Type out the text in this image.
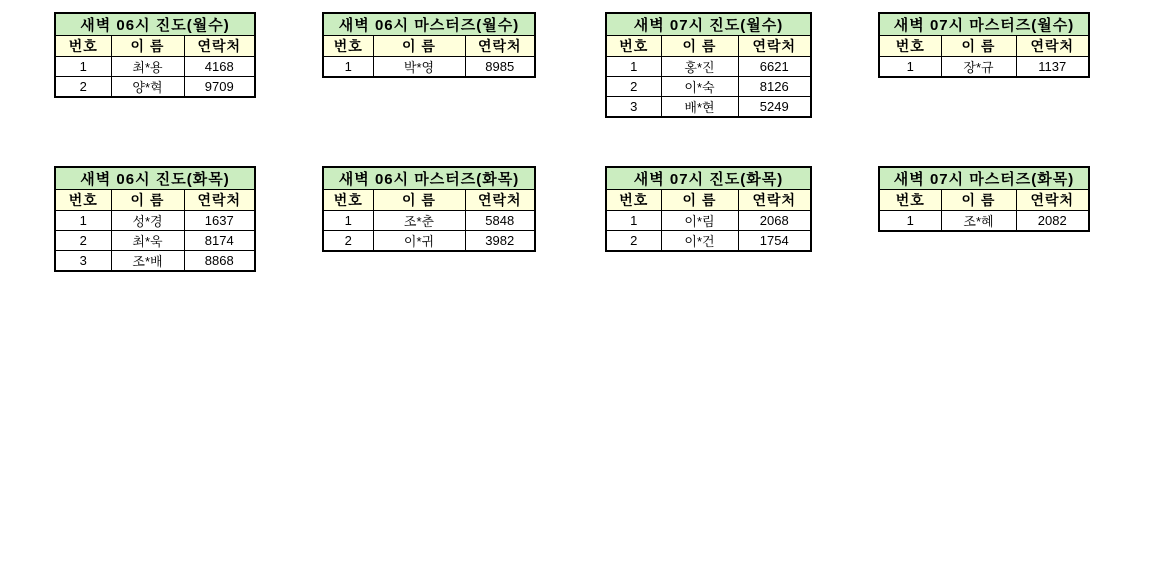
새벽 06시 진도(월수)		
번호	이 름	연락처
1	최*용	4168
2	양*혁	9709
새벽 06시 마스터즈(월수)		
번호	이 름	연락처
1	박*영	8985
새벽 07시 진도(월수)		
번호	이 름	연락처
1	홍*진	6621
2	이*숙	8126
3	배*현	5249
새벽 07시 마스터즈(월수)		
번호	이 름	연락처
1	장*규	1137
새벽 06시 진도(화목)		
번호	이 름	연락처
1	성*경	1637
2	최*욱	8174
3	조*배	8868
새벽 06시 마스터즈(화목)		
번호	이 름	연락처
1	조*춘	5848
2	이*귀	3982
새벽 07시 진도(화목)		
번호	이 름	연락처
1	이*림	2068
2	이*건	1754
새벽 07시 마스터즈(화목)		
번호	이 름	연락처
1	조*혜	2082
